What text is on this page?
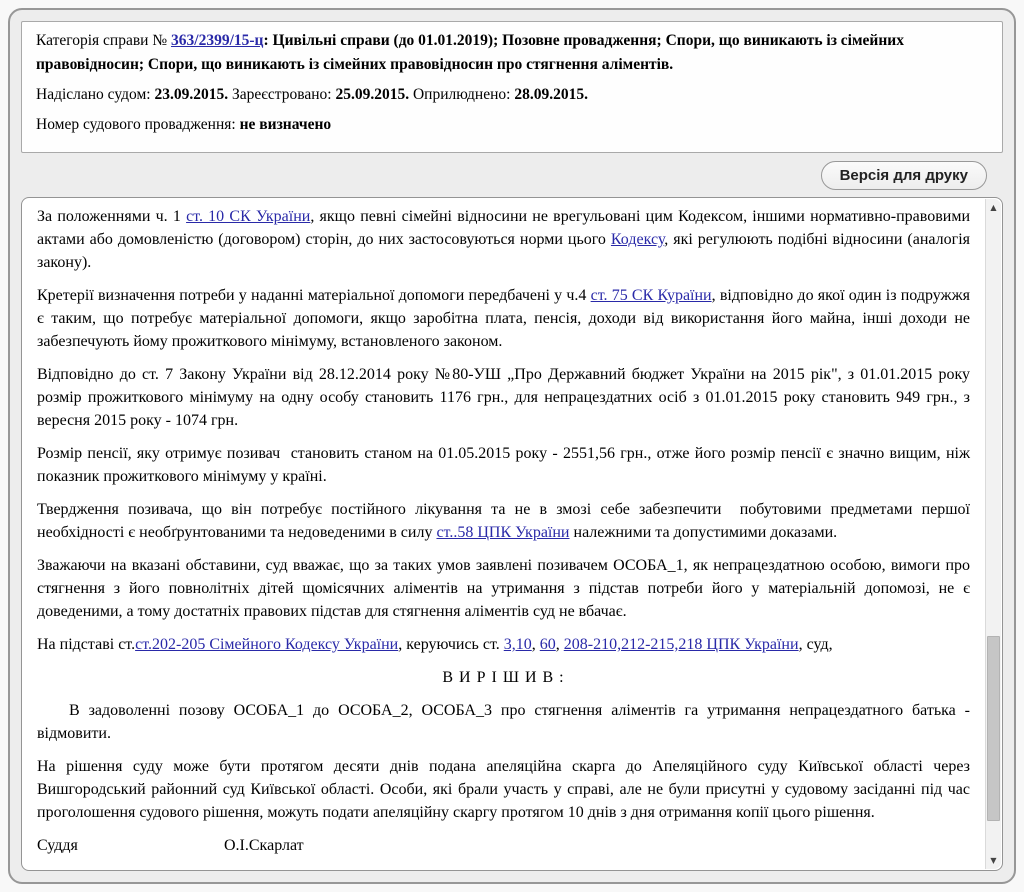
Категорія справи № 363/2399/15-ц: Цивільні справи (до 01.01.2019); Позовне провадження; Спори, що виникають із сімейних правовідносин; Спори, що виникають із сімейних правовідносин про стягнення аліментів.

Надіслано судом: 23.09.2015. Зареєстровано: 25.09.2015. Оприлюднено: 28.09.2015.

Номер судового провадження: не визначено

Версія для друку

За положеннями ч. 1 ст. 10 СК України, якщо певні сімейні відносини не врегульовані цим Кодексом, іншими нормативно-правовими актами або домовленістю (договором) сторін, до них застосовуються норми цього Кодексу, які регулюють подібні відносини (аналогія закону).

Кретерії визначення потреби у наданні матеріальної допомоги передбачені у ч.4 ст. 75 СК Кураїни, відповідно до якої один із подружжя є таким, що потребує матеріальної допомоги, якщо заробітна плата, пенсія, доходи від використання його майна, інші доходи не забезпечують йому прожиткового мінімуму, встановленого законом.

Відповідно до ст. 7 Закону України від 28.12.2014 року №80-УШ „Про Державний бюджет України на 2015 рік", з 01.01.2015 року розмір прожиткового мінімуму на одну особу становить 1176 грн., для непрацездатних осіб з 01.01.2015 року становить 949 грн., з вересня 2015 року - 1074 грн.

Розмір пенсії, яку отримує позивач  становить станом на 01.05.2015 року - 2551,56 грн., отже його розмір пенсії є значно вищим, ніж показник прожиткового мінімуму у країні.

Твердження позивача, що він потребує постійного лікування та не в змозі себе забезпечити  побутовими предметами першої необхідності є необґрунтованими та недоведеними в силу ст..58 ЦПК України належними та допустимими доказами.

Зважаючи на вказані обставини, суд вважає, що за таких умов заявлені позивачем ОСОБА_1, як непрацездатною особою, вимоги про стягнення з його повнолітніх дітей щомісячних аліментів на утримання з підстав потреби його у матеріальній допомозі, не є доведеними, а тому достатніх правових підстав для стягнення аліментів суд не вбачає.

На підставі ст.ст.202-205 Сімейного Кодексу України, керуючись ст. 3,10, 60, 208-210,212-215,218 ЦПК України, суд,

В И Р І Ш И В :

В задоволенні позову ОСОБА_1 до ОСОБА_2, ОСОБА_3 про стягнення аліментів га утримання непрацездатного батька - відмовити.

На рішення суду може бути протягом десяти днів подана апеляційна скарга до Апеляційного суду Київської області через Вишгородський районний суд Київської області. Особи, які брали участь у справі, але не були присутні у судовому засіданні під час проголошення судового рішення, можуть подати апеляційну скаргу протягом 10 днів з дня отримання копії цього рішення.

Суддя	О.І.Скарлат

▲
▼
